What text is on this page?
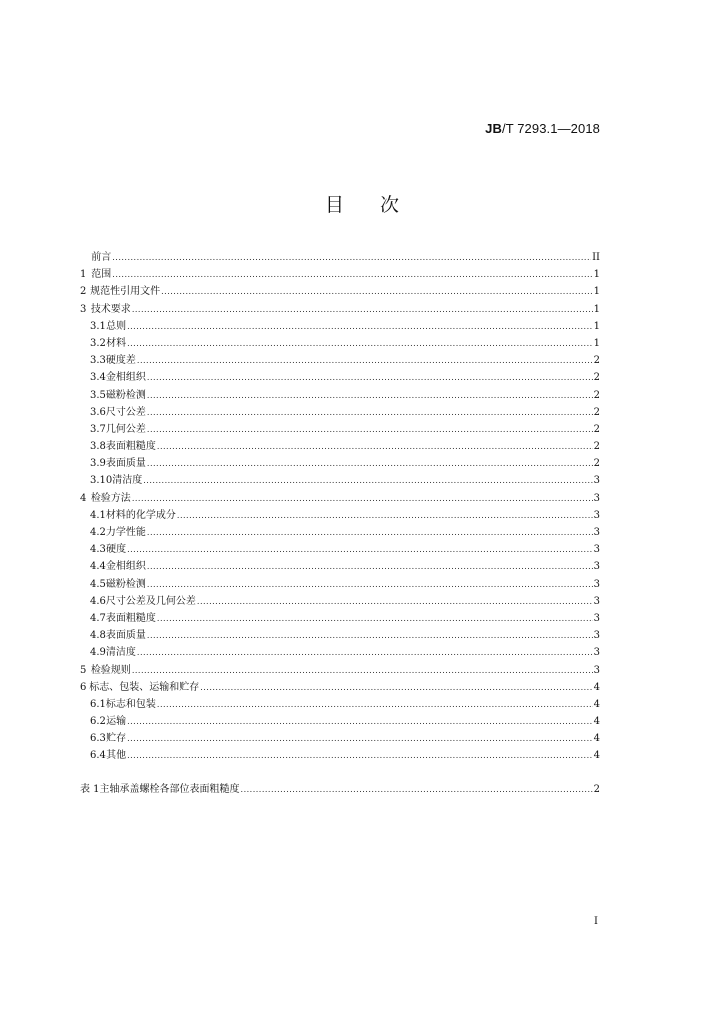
JB/T 7293.1—2018
目次
前言 .....	II
1 范围 .....	1
2 规范性引用文件 .....	1
3 技术要求 .....	1
3.1 总则 .....	1
3.2 材料 .....	1
3.3 硬度差 .....	2
3.4 金相组织 .....	2
3.5 磁粉检测 .....	2
3.6 尺寸公差 .....	2
3.7 几何公差 .....	2
3.8 表面粗糙度 .....	2
3.9 表面质量 .....	2
3.10 清洁度 .....	3
4 检验方法 .....	3
4.1 材料的化学成分 .....	3
4.2 力学性能 .....	3
4.3 硬度 .....	3
4.4 金相组织 .....	3
4.5 磁粉检测 .....	3
4.6 尺寸公差及几何公差 .....	3
4.7 表面粗糙度 .....	3
4.8 表面质量 .....	3
4.9 清洁度 .....	3
5 检验规则 .....	3
6 标志、包装、运输和贮存 .....	4
6.1 标志和包装 .....	4
6.2 运输 .....	4
6.3 贮存 .....	4
6.4 其他 .....	4
表 1 主轴承盖螺栓各部位表面粗糙度 .....	2
I
